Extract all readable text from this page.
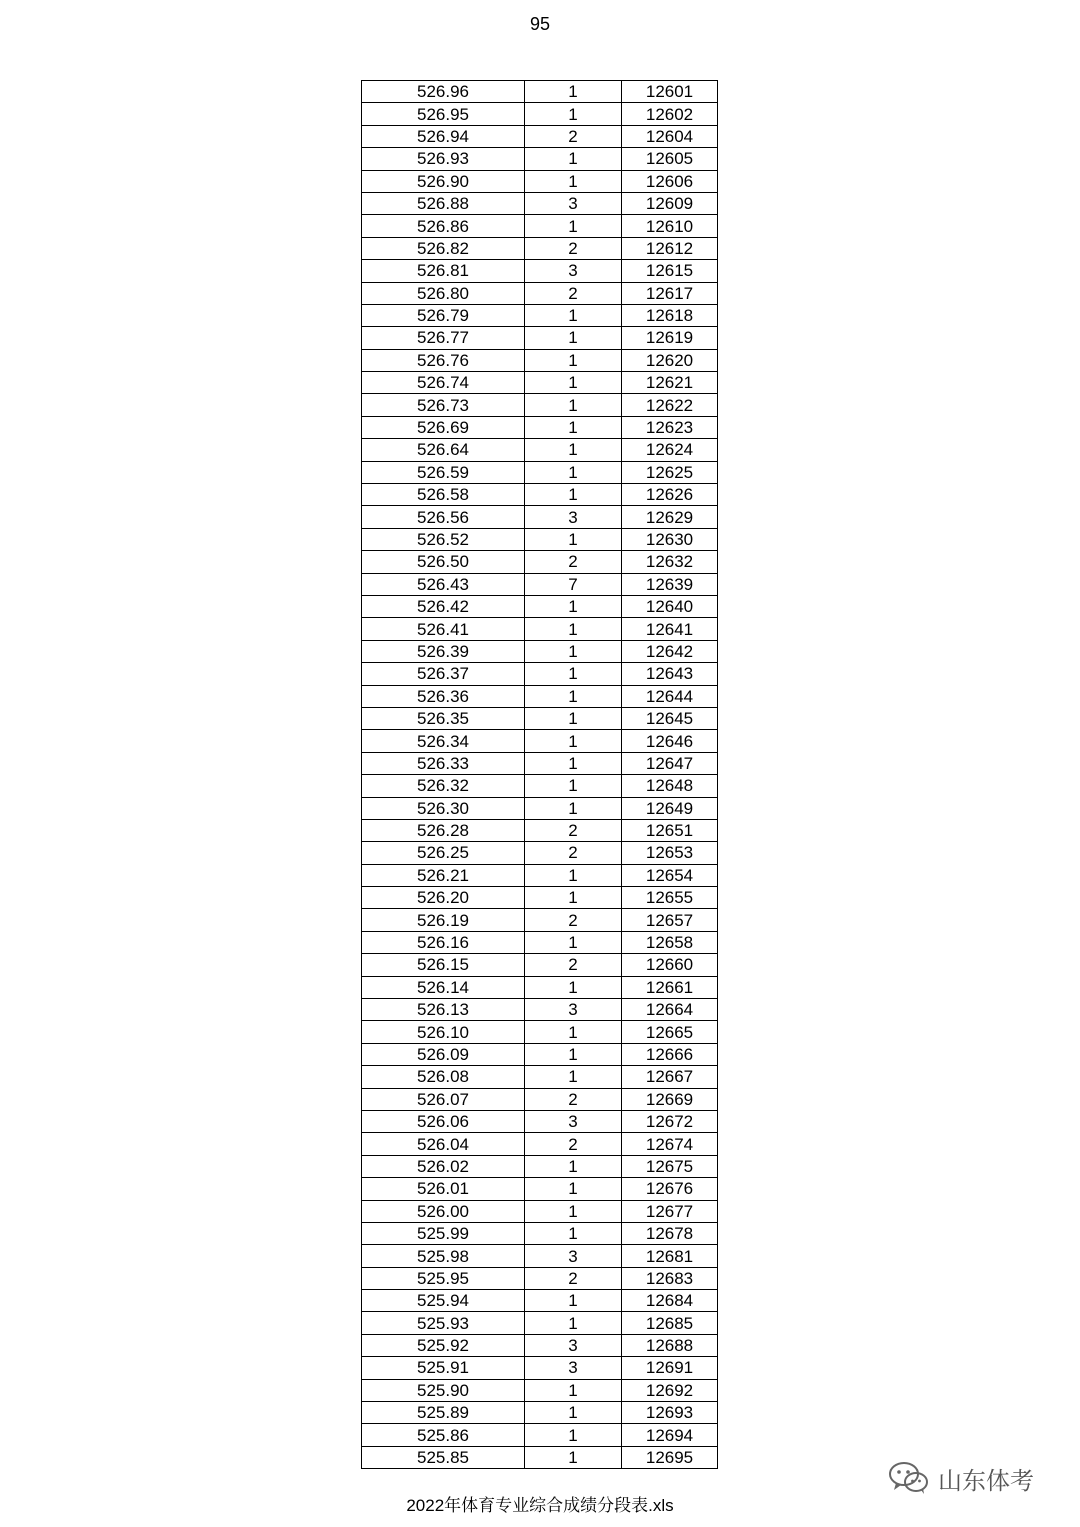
95
526.96	1	12601
526.95	1	12602
526.94	2	12604
526.93	1	12605
526.90	1	12606
526.88	3	12609
526.86	1	12610
526.82	2	12612
526.81	3	12615
526.80	2	12617
526.79	1	12618
526.77	1	12619
526.76	1	12620
526.74	1	12621
526.73	1	12622
526.69	1	12623
526.64	1	12624
526.59	1	12625
526.58	1	12626
526.56	3	12629
526.52	1	12630
526.50	2	12632
526.43	7	12639
526.42	1	12640
526.41	1	12641
526.39	1	12642
526.37	1	12643
526.36	1	12644
526.35	1	12645
526.34	1	12646
526.33	1	12647
526.32	1	12648
526.30	1	12649
526.28	2	12651
526.25	2	12653
526.21	1	12654
526.20	1	12655
526.19	2	12657
526.16	1	12658
526.15	2	12660
526.14	1	12661
526.13	3	12664
526.10	1	12665
526.09	1	12666
526.08	1	12667
526.07	2	12669
526.06	3	12672
526.04	2	12674
526.02	1	12675
526.01	1	12676
526.00	1	12677
525.99	1	12678
525.98	3	12681
525.95	2	12683
525.94	1	12684
525.93	1	12685
525.92	3	12688
525.91	3	12691
525.90	1	12692
525.89	1	12693
525.86	1	12694
525.85	1	12695
山东体考
2022年体育专业综合成绩分段表.xls
